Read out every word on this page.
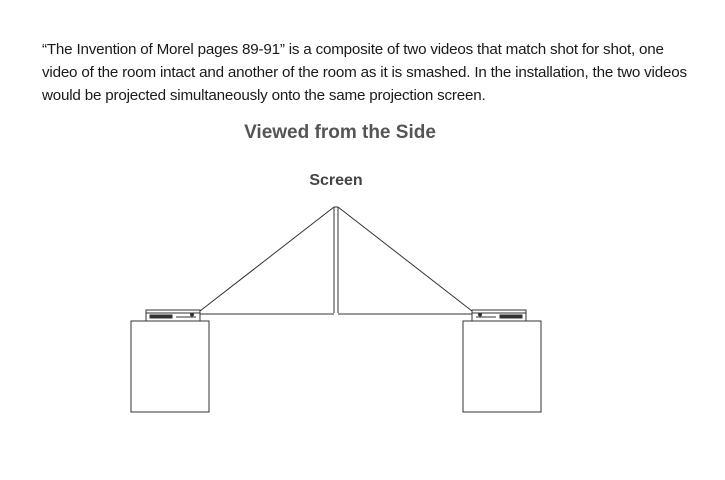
“The Invention of Morel pages 89-91” is a composite of two videos that match shot for shot, one video of the room intact and another of the room as it is smashed. In the installation, the two videos would be projected simultaneously onto the same projection screen.

Viewed from the Side
Screen
